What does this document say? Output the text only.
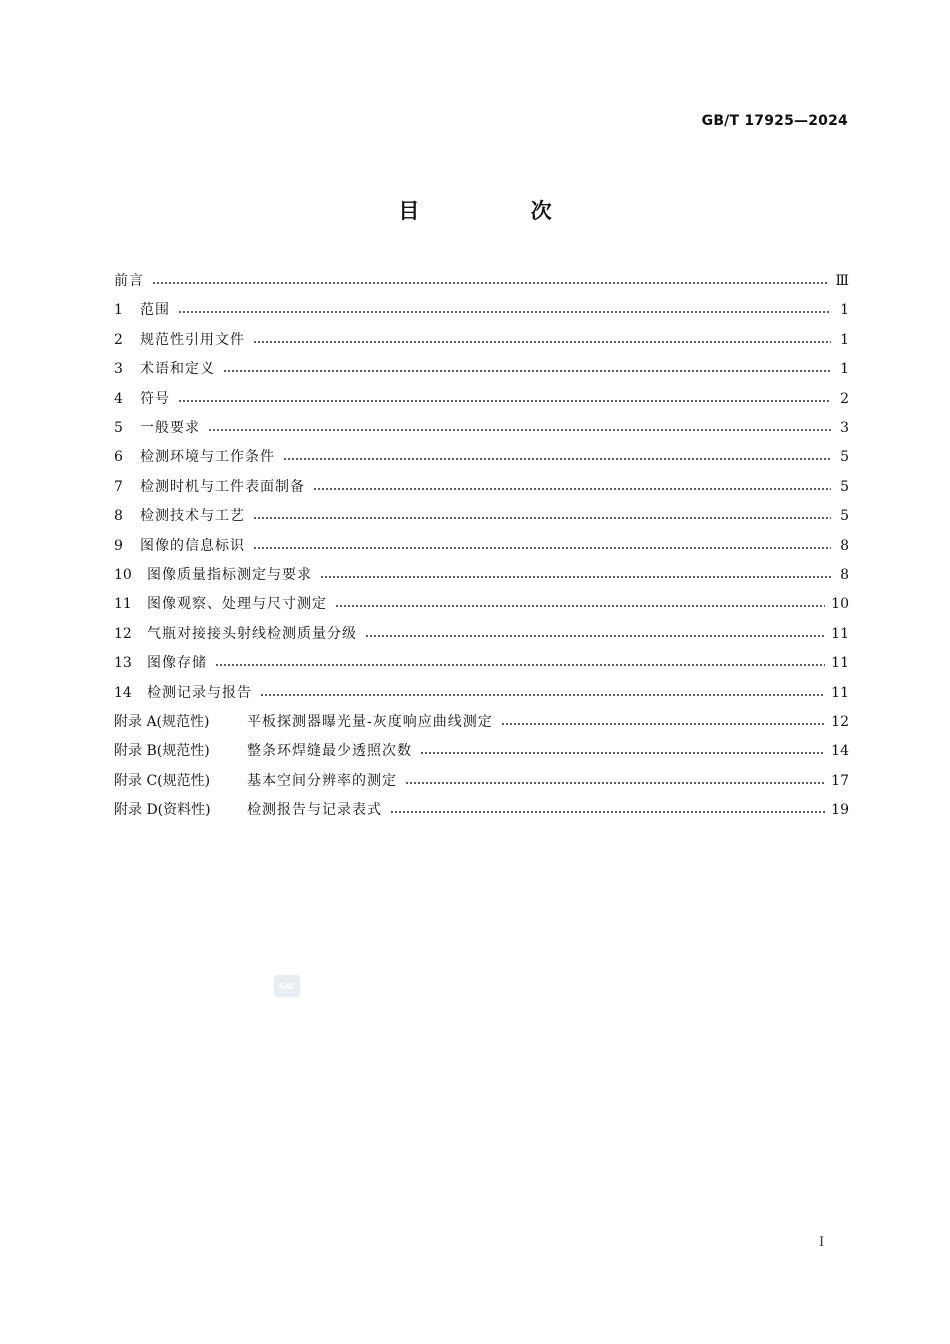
GB/T 17925—2024
目 次
前言	Ⅲ
1	范围	1
2	规范性引用文件	1
3	术语和定义	1
4	符号	2
5	一般要求	3
6	检测环境与工作条件	5
7	检测时机与工件表面制备	5
8	检测技术与工艺	5
9	图像的信息标识	8
10	图像质量指标测定与要求	8
11	图像观察、处理与尺寸测定	10
12	气瓶对接接头射线检测质量分级	11
13	图像存储	11
14	检测记录与报告	11
附录 A(规范性)	平板探测器曝光量-灰度响应曲线测定	12
附录 B(规范性)	整条环焊缝最少透照次数	14
附录 C(规范性)	基本空间分辨率的测定	17
附录 D(资料性)	检测报告与记录表式	19
SAC
I
